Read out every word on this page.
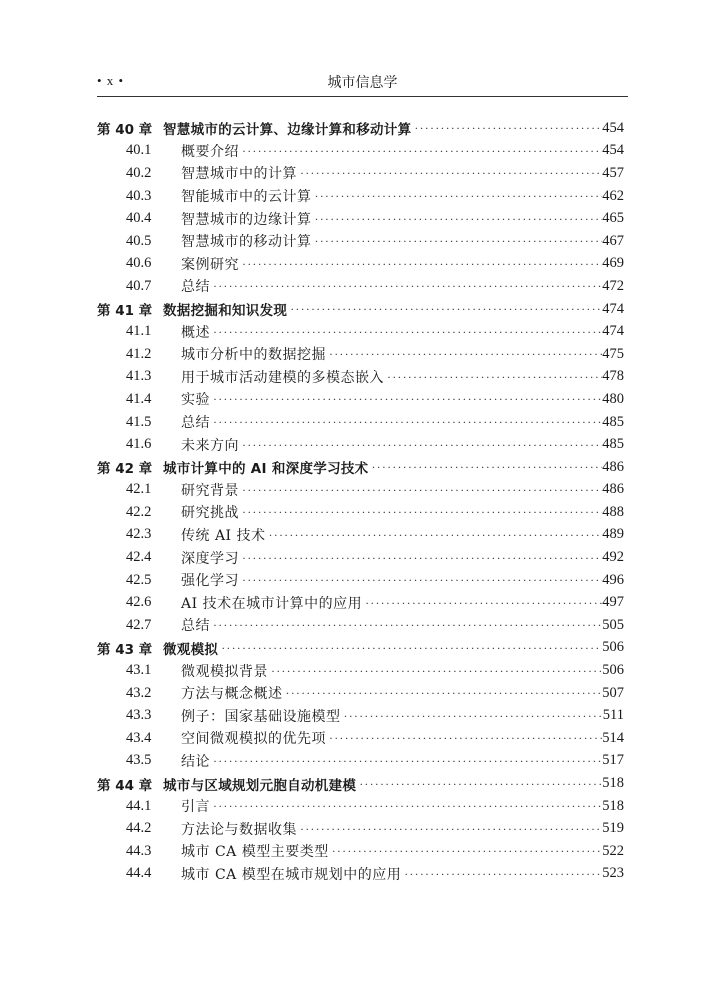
• x •	城市信息学
第 40 章 智慧城市的云计算、边缘计算和移动计算 ·····	454
40.1	概要介绍 ·····	454
40.2	智慧城市中的计算 ·····	457
40.3	智能城市中的云计算 ·····	462
40.4	智慧城市的边缘计算 ·····	465
40.5	智慧城市的移动计算 ·····	467
40.6	案例研究 ·····	469
40.7	总结 ·····	472
第 41 章 数据挖掘和知识发现 ·····	474
41.1	概述 ·····	474
41.2	城市分析中的数据挖掘 ·····	475
41.3	用于城市活动建模的多模态嵌入 ·····	478
41.4	实验 ·····	480
41.5	总结 ·····	485
41.6	未来方向 ·····	485
第 42 章 城市计算中的 AI 和深度学习技术 ·····	486
42.1	研究背景 ·····	486
42.2	研究挑战 ·····	488
42.3	传统 AI 技术 ·····	489
42.4	深度学习 ·····	492
42.5	强化学习 ·····	496
42.6	AI 技术在城市计算中的应用 ·····	497
42.7	总结 ·····	505
第 43 章 微观模拟 ·····	506
43.1	微观模拟背景 ·····	506
43.2	方法与概念概述 ·····	507
43.3	例子：国家基础设施模型 ·····	511
43.4	空间微观模拟的优先项 ·····	514
43.5	结论 ·····	517
第 44 章 城市与区域规划元胞自动机建模 ·····	518
44.1	引言 ·····	518
44.2	方法论与数据收集 ·····	519
44.3	城市 CA 模型主要类型 ·····	522
44.4	城市 CA 模型在城市规划中的应用 ·····	523
